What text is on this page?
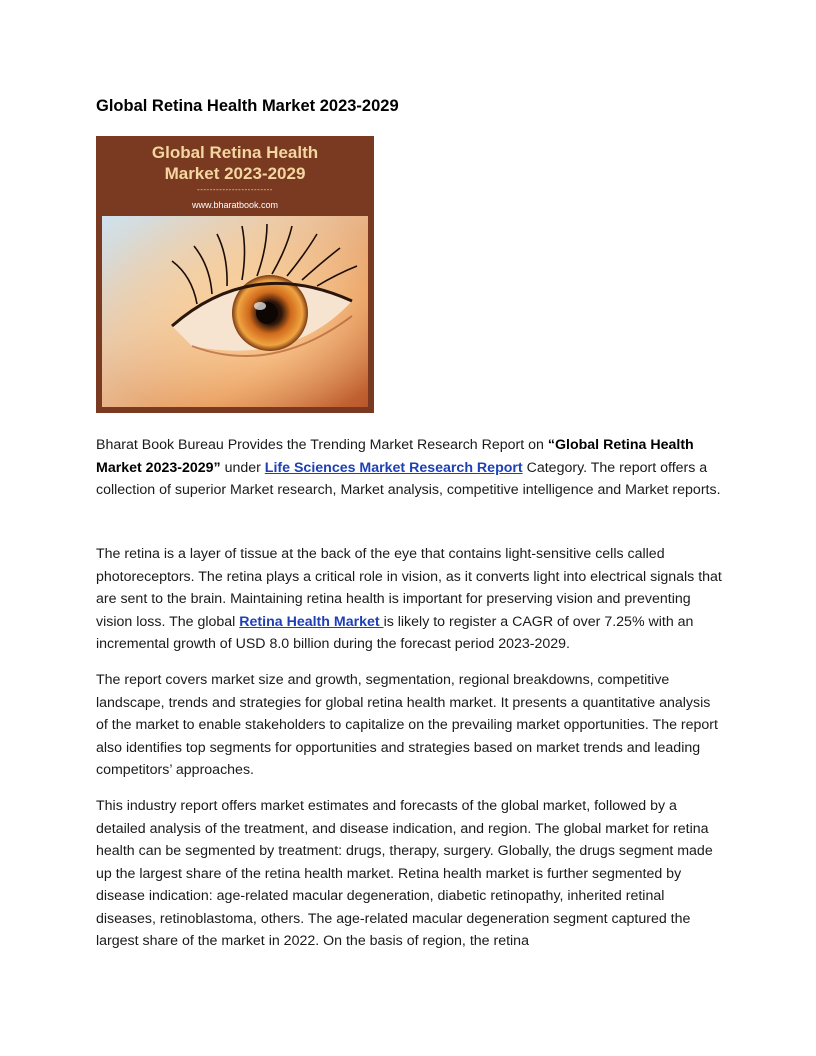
Global Retina Health Market 2023-2029
Global Retina Health
Market 2023-2029
------------------------
www.bharatbook.com
Bharat Book Bureau Provides the Trending Market Research Report on “Global Retina Health Market 2023-2029” under Life Sciences Market Research Report Category. The report offers a collection of superior Market research, Market analysis, competitive intelligence and Market reports.
The retina is a layer of tissue at the back of the eye that contains light-sensitive cells called photoreceptors. The retina plays a critical role in vision, as it converts light into electrical signals that are sent to the brain. Maintaining retina health is important for preserving vision and preventing vision loss. The global Retina Health Market is likely to register a CAGR of over 7.25% with an incremental growth of USD 8.0 billion during the forecast period 2023-2029.
The report covers market size and growth, segmentation, regional breakdowns, competitive landscape, trends and strategies for global retina health market. It presents a quantitative analysis of the market to enable stakeholders to capitalize on the prevailing market opportunities. The report also identifies top segments for opportunities and strategies based on market trends and leading competitors’ approaches.
This industry report offers market estimates and forecasts of the global market, followed by a detailed analysis of the treatment, and disease indication, and region. The global market for retina health can be segmented by treatment: drugs, therapy, surgery. Globally, the drugs segment made up the largest share of the retina health market. Retina health market is further segmented by disease indication: age-related macular degeneration, diabetic retinopathy, inherited retinal diseases, retinoblastoma, others. The age-related macular degeneration segment captured the largest share of the market in 2022. On the basis of region, the retina
